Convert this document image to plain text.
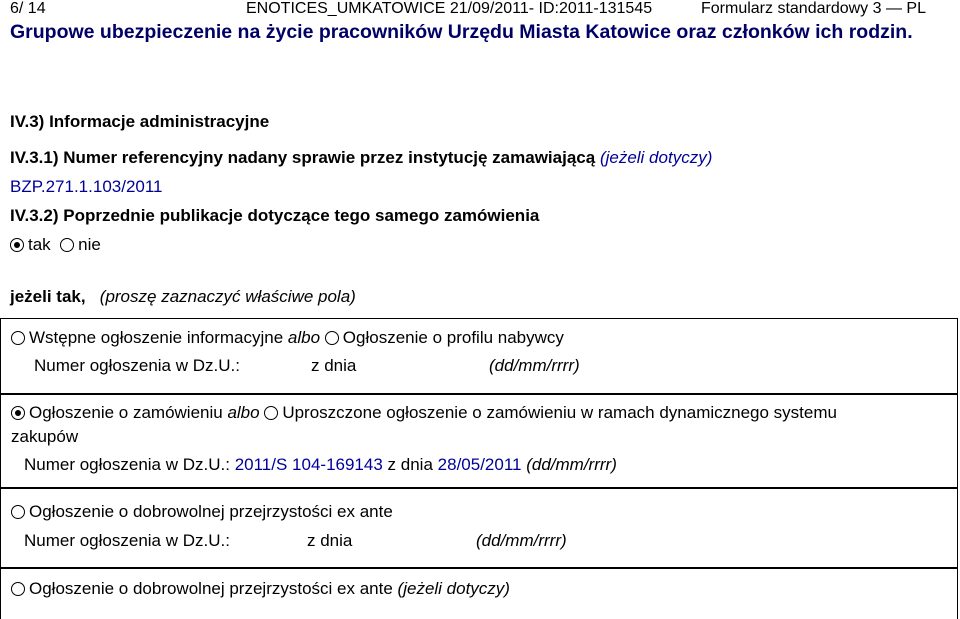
6/ 14	ENOTICES_UMKATOWICE 21/09/2011- ID:2011-131545	Formularz standardowy 3 — PL
Grupowe ubezpieczenie na życie pracowników Urzędu Miasta Katowice oraz członków ich rodzin.
IV.3) Informacje administracyjne
IV.3.1) Numer referencyjny nadany sprawie przez instytucję zamawiającą (jeżeli dotyczy)
BZP.271.1.103/2011
IV.3.2) Poprzednie publikacje dotyczące tego samego zamówienia
tak nie
jeżeli tak, (proszę zaznaczyć właściwe pola)
Wstępne ogłoszenie informacyjne albo Ogłoszenie o profilu nabywcy
Numer ogłoszenia w Dz.U.:	z dnia	(dd/mm/rrrr)
Ogłoszenie o zamówieniu albo Uproszczone ogłoszenie o zamówieniu w ramach dynamicznego systemu
zakupów
Numer ogłoszenia w Dz.U.: 2011/S 104-169143 z dnia 28/05/2011 (dd/mm/rrrr)
Ogłoszenie o dobrowolnej przejrzystości ex ante
Numer ogłoszenia w Dz.U.:	z dnia	(dd/mm/rrrr)
Ogłoszenie o dobrowolnej przejrzystości ex ante (jeżeli dotyczy)
